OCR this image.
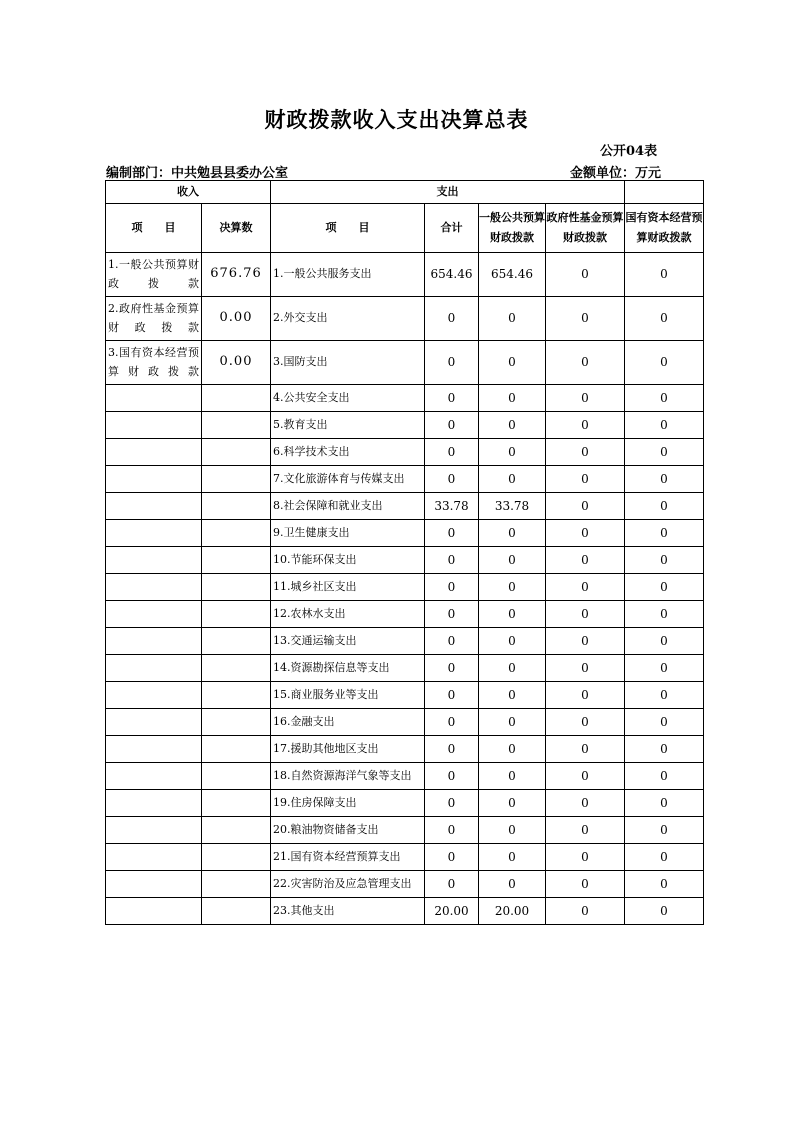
财政拨款收入支出决算总表
公开04表
编制部门：中共勉县县委办公室	金额单位：万元
收入		支出				
项　　目	决算数	项　　目	合计	一般公共预算财政拨款	政府性基金预算财政拨款	国有资本经营预算财政拨款
1.一般公共预算财政拨款	676.76	1.一般公共服务支出	654.46	654.46	0	0
2.政府性基金预算财政拨款	0.00	2.外交支出	0	0	0	0
3.国有资本经营预算财政拨款	0.00	3.国防支出	0	0	0	0
		4.公共安全支出	0	0	0	0
		5.教育支出	0	0	0	0
		6.科学技术支出	0	0	0	0
		7.文化旅游体育与传媒支出	0	0	0	0
		8.社会保障和就业支出	33.78	33.78	0	0
		9.卫生健康支出	0	0	0	0
		10.节能环保支出	0	0	0	0
		11.城乡社区支出	0	0	0	0
		12.农林水支出	0	0	0	0
		13.交通运输支出	0	0	0	0
		14.资源勘探信息等支出	0	0	0	0
		15.商业服务业等支出	0	0	0	0
		16.金融支出	0	0	0	0
		17.援助其他地区支出	0	0	0	0
		18.自然资源海洋气象等支出	0	0	0	0
		19.住房保障支出	0	0	0	0
		20.粮油物资储备支出	0	0	0	0
		21.国有资本经营预算支出	0	0	0	0
		22.灾害防治及应急管理支出	0	0	0	0
		23.其他支出	20.00	20.00	0	0
